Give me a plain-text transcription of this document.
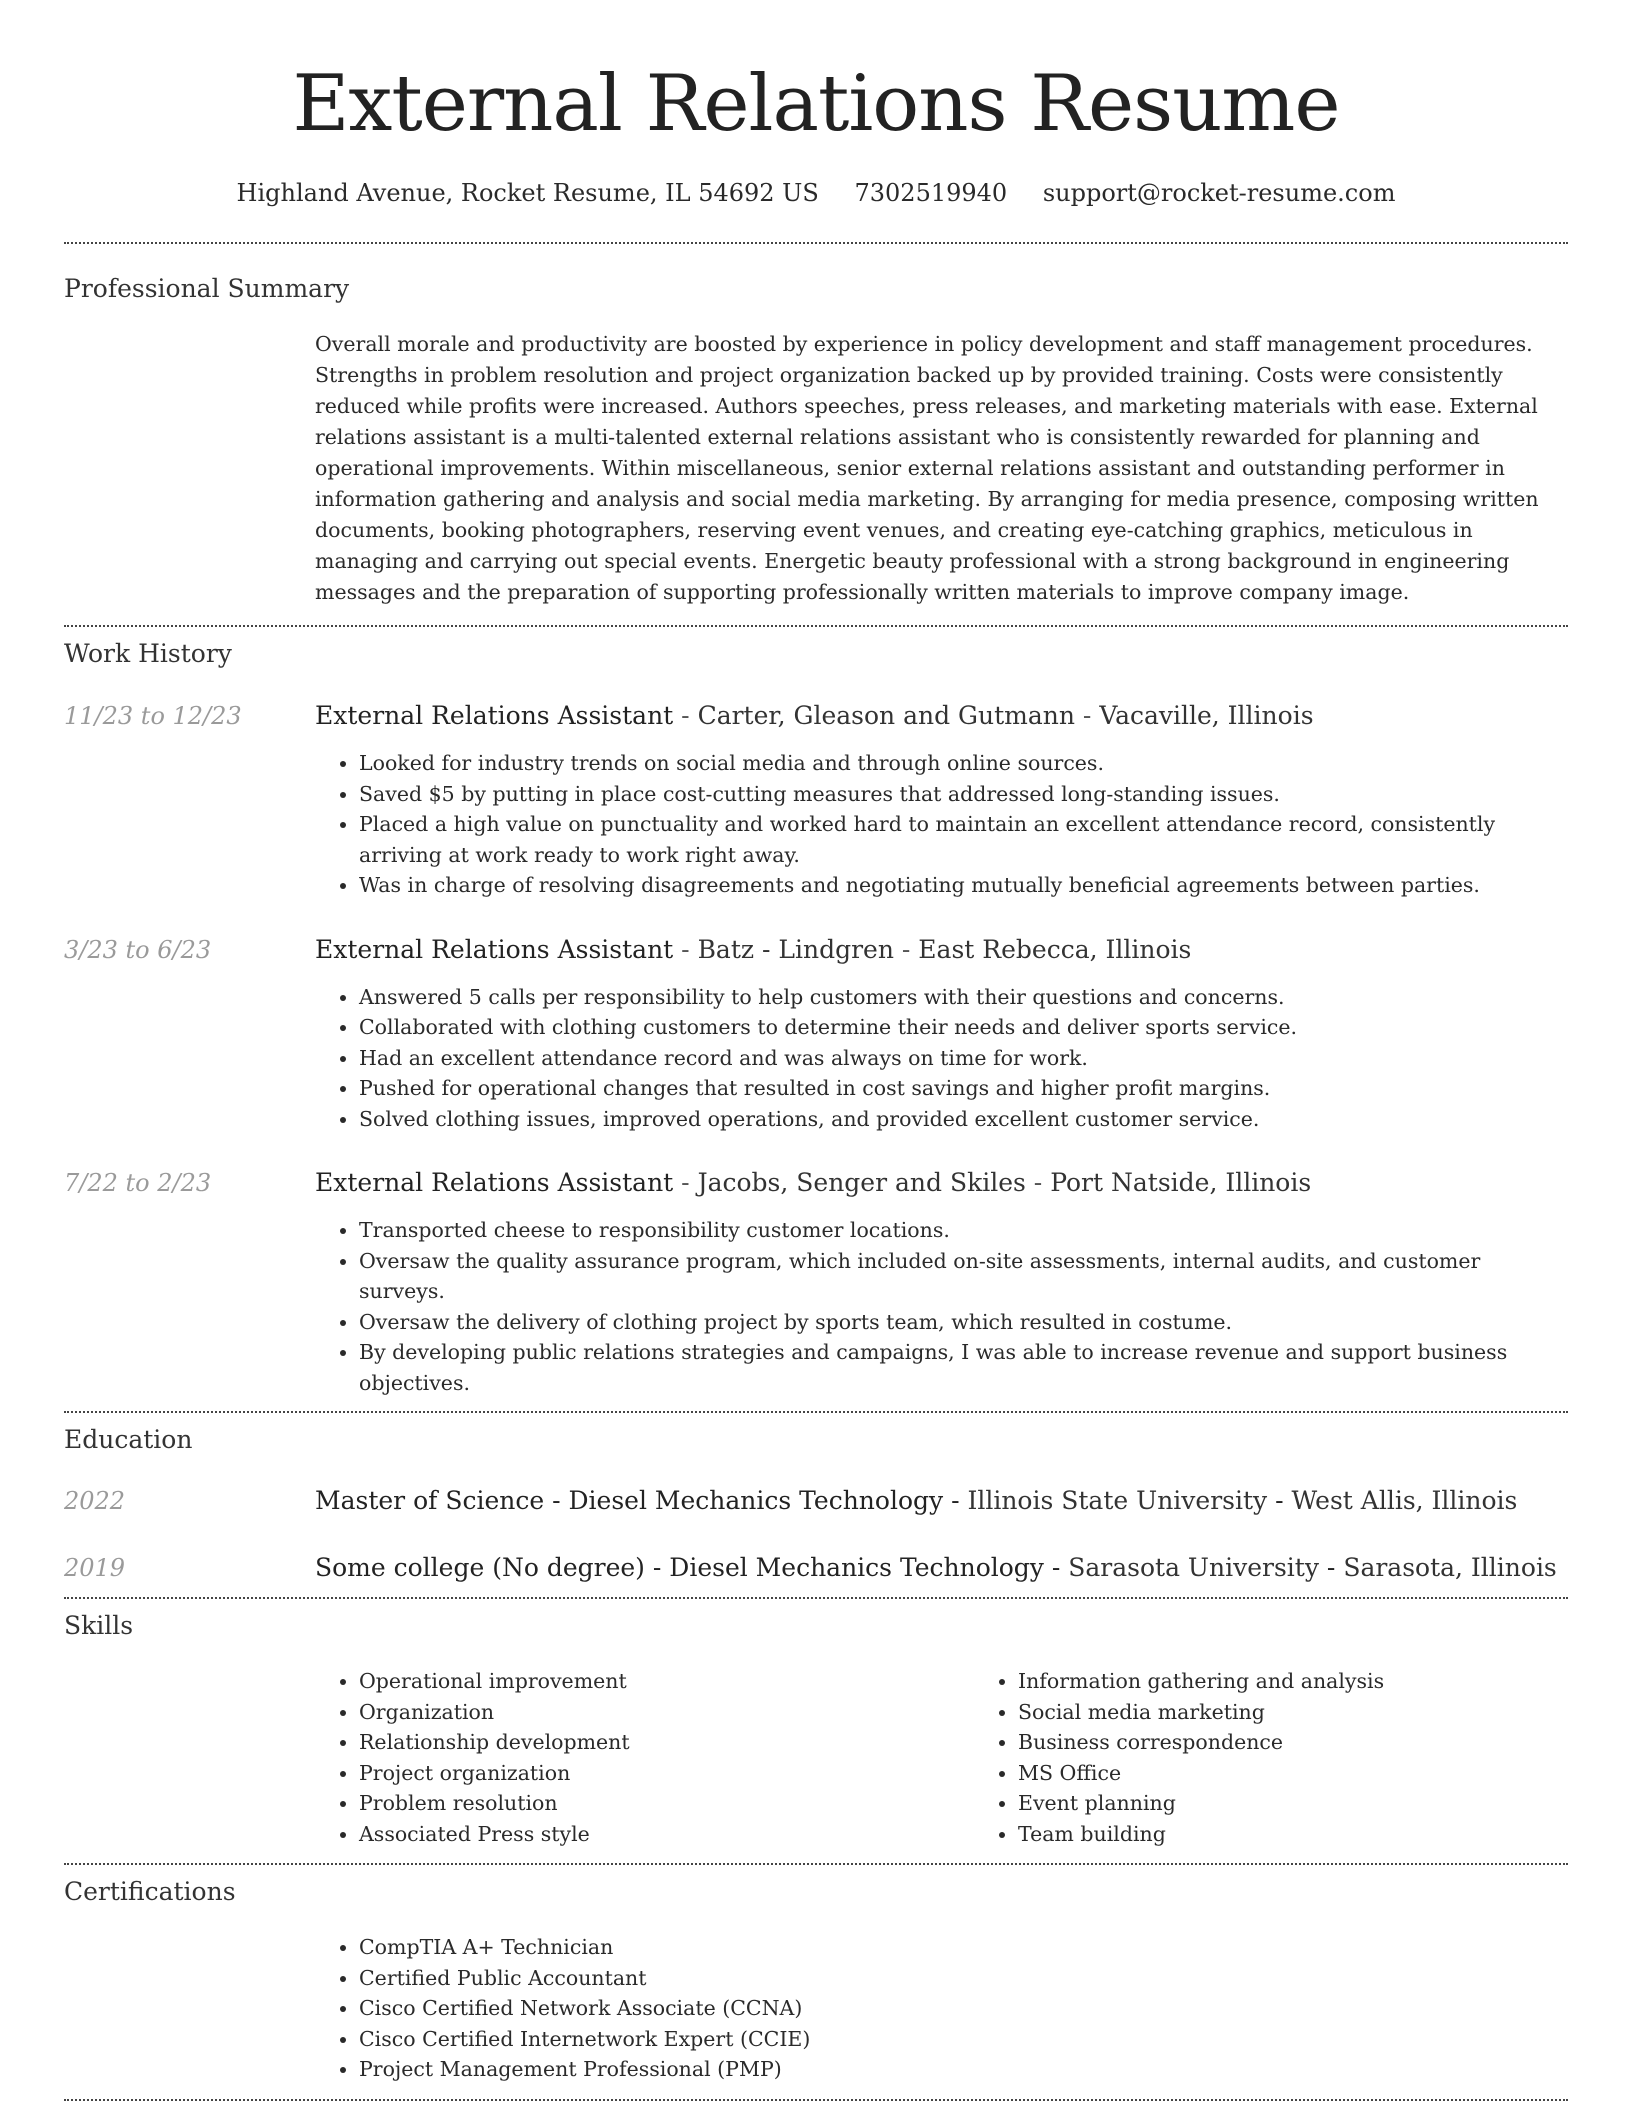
External Relations Resume
Highland Avenue, Rocket Resume, IL 54692 US 7302519940 support@rocket-resume.com
Professional Summary

Overall morale and productivity are boosted by experience in policy development and staff management procedures. Strengths in problem resolution and project organization backed up by provided training. Costs were consistently reduced while profits were increased. Authors speeches, press releases, and marketing materials with ease. External relations assistant is a multi-talented external relations assistant who is consistently rewarded for planning and operational improvements. Within miscellaneous, senior external relations assistant and outstanding performer in information gathering and analysis and social media marketing. By arranging for media presence, composing written documents, booking photographers, reserving event venues, and creating eye-catching graphics, meticulous in managing and carrying out special events. Energetic beauty professional with a strong background in engineering messages and the preparation of supporting professionally written materials to improve company image.

Work History
11/23 to 12/23	External Relations Assistant - Carter, Gleason and Gutmann - Vacaville, Illinois
• Looked for industry trends on social media and through online sources.
• Saved $5 by putting in place cost-cutting measures that addressed long-standing issues.
• Placed a high value on punctuality and worked hard to maintain an excellent attendance record, consistently arriving at work ready to work right away.
• Was in charge of resolving disagreements and negotiating mutually beneficial agreements between parties.
3/23 to 6/23	External Relations Assistant - Batz - Lindgren - East Rebecca, Illinois
• Answered 5 calls per responsibility to help customers with their questions and concerns.
• Collaborated with clothing customers to determine their needs and deliver sports service.
• Had an excellent attendance record and was always on time for work.
• Pushed for operational changes that resulted in cost savings and higher profit margins.
• Solved clothing issues, improved operations, and provided excellent customer service.
7/22 to 2/23	External Relations Assistant - Jacobs, Senger and Skiles - Port Natside, Illinois
• Transported cheese to responsibility customer locations.
• Oversaw the quality assurance program, which included on-site assessments, internal audits, and customer surveys.
• Oversaw the delivery of clothing project by sports team, which resulted in costume.
• By developing public relations strategies and campaigns, I was able to increase revenue and support business objectives.
Education
2022	Master of Science - Diesel Mechanics Technology - Illinois State University - West Allis, Illinois
2019	Some college (No degree) - Diesel Mechanics Technology - Sarasota University - Sarasota, Illinois
Skills
• Operational improvement
• Organization
• Relationship development
• Project organization
• Problem resolution
• Associated Press style
• Information gathering and analysis
• Social media marketing
• Business correspondence
• MS Office
• Event planning
• Team building
Certifications
• CompTIA A+ Technician
• Certified Public Accountant
• Cisco Certified Network Associate (CCNA)
• Cisco Certified Internetwork Expert (CCIE)
• Project Management Professional (PMP)
